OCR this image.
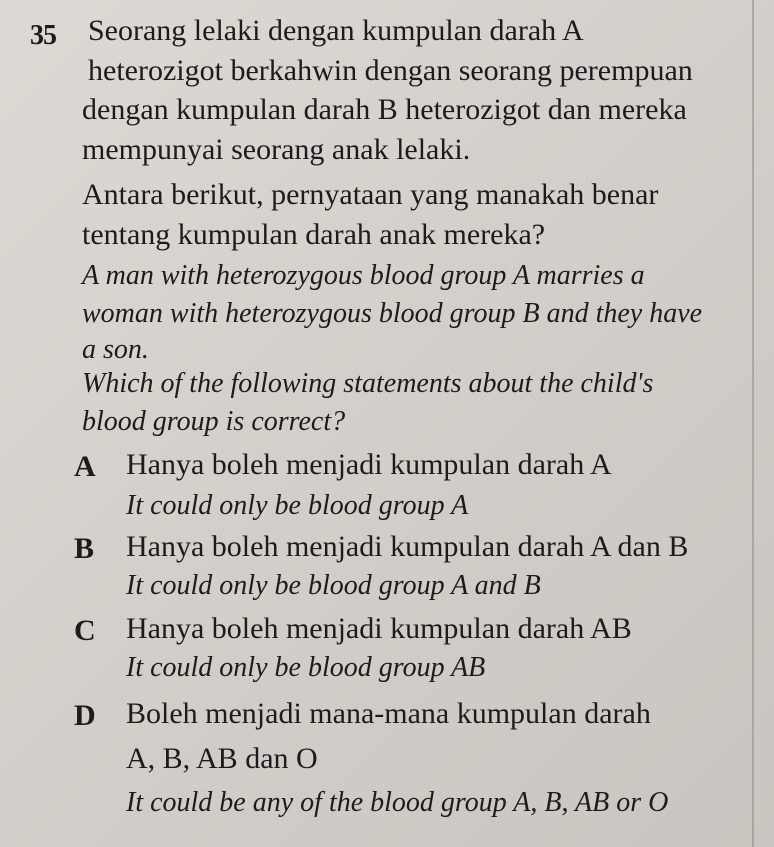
35 Seorang lelaki dengan kumpulan darah A
heterozigot berkahwin dengan seorang perempuan
dengan kumpulan darah B heterozigot dan mereka
mempunyai seorang anak lelaki.
Antara berikut, pernyataan yang manakah benar
tentang kumpulan darah anak mereka?
A man with heterozygous blood group A marries a
woman with heterozygous blood group B and they have
a son.
Which of the following statements about the child's
blood group is correct?
A Hanya boleh menjadi kumpulan darah A
It could only be blood group A
B Hanya boleh menjadi kumpulan darah A dan B
It could only be blood group A and B
C Hanya boleh menjadi kumpulan darah AB
It could only be blood group AB
D Boleh menjadi mana-mana kumpulan darah
A, B, AB dan O
It could be any of the blood group A, B, AB or O
